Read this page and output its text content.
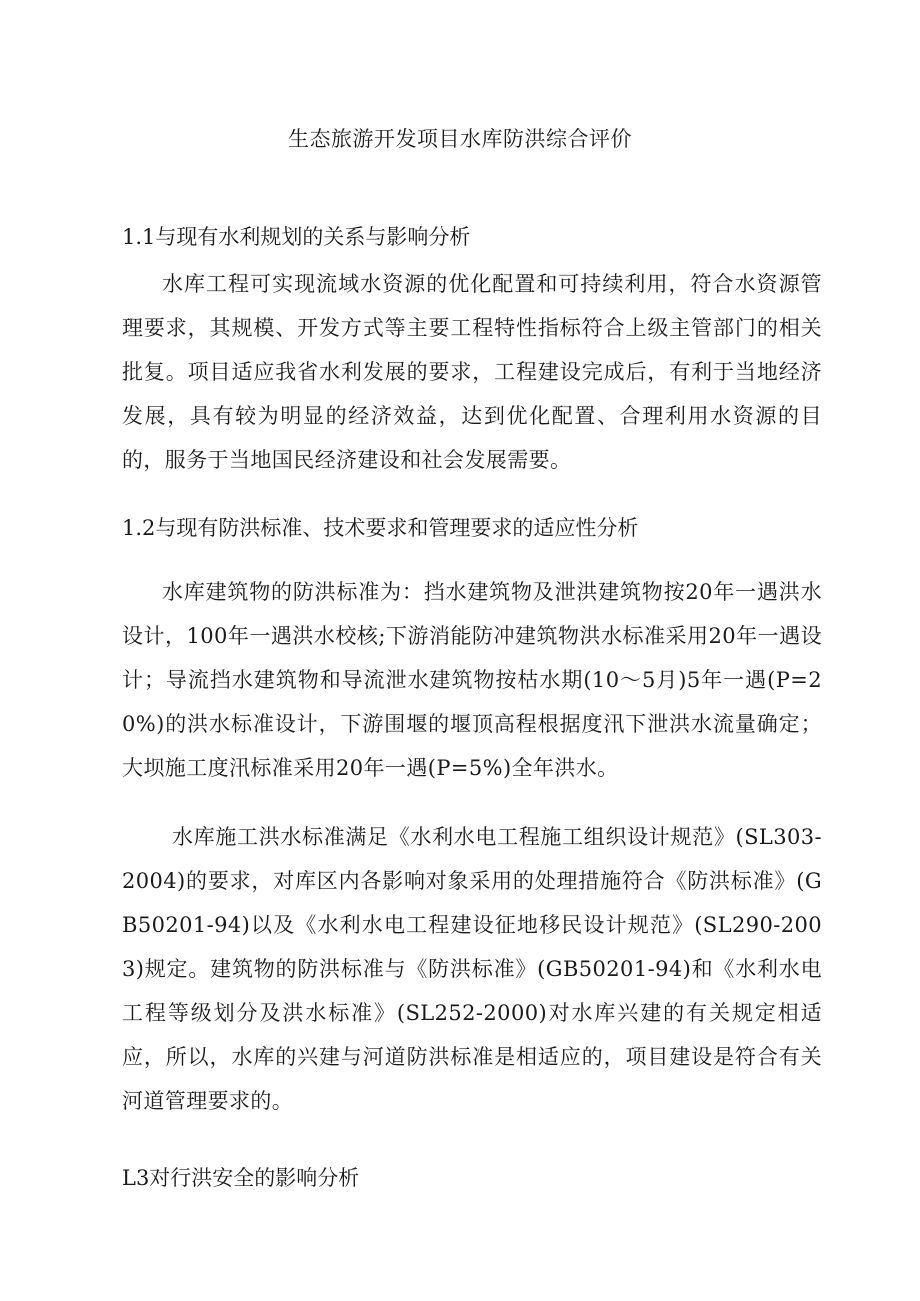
生态旅游开发项目水库防洪综合评价
1.1与现有水利规划的关系与影响分析
水库工程可实现流域水资源的优化配置和可持续利用，符合水资源管理要求，其规模、开发方式等主要工程特性指标符合上级主管部门的相关批复。项目适应我省水利发展的要求，工程建设完成后，有利于当地经济发展，具有较为明显的经济效益，达到优化配置、合理利用水资源的目的，服务于当地国民经济建设和社会发展需要。
1.2与现有防洪标准、技术要求和管理要求的适应性分析
水库建筑物的防洪标准为：挡水建筑物及泄洪建筑物按20年一遇洪水设计，100年一遇洪水校核;下游消能防冲建筑物洪水标准采用20年一遇设计；导流挡水建筑物和导流泄水建筑物按枯水期(10～5月)5年一遇(P=20%)的洪水标准设计，下游围堰的堰顶高程根据度汛下泄洪水流量确定；大坝施工度汛标准采用20年一遇(P=5%)全年洪水。
水库施工洪水标准满足《水利水电工程施工组织设计规范》(SL303-2004)的要求，对库区内各影响对象采用的处理措施符合《防洪标准》(GB50201-94)以及《水利水电工程建设征地移民设计规范》(SL290-2003)规定。建筑物的防洪标准与《防洪标准》(GB50201-94)和《水利水电工程等级划分及洪水标准》(SL252-2000)对水库兴建的有关规定相适应，所以，水库的兴建与河道防洪标准是相适应的，项目建设是符合有关河道管理要求的。
L3对行洪安全的影响分析
